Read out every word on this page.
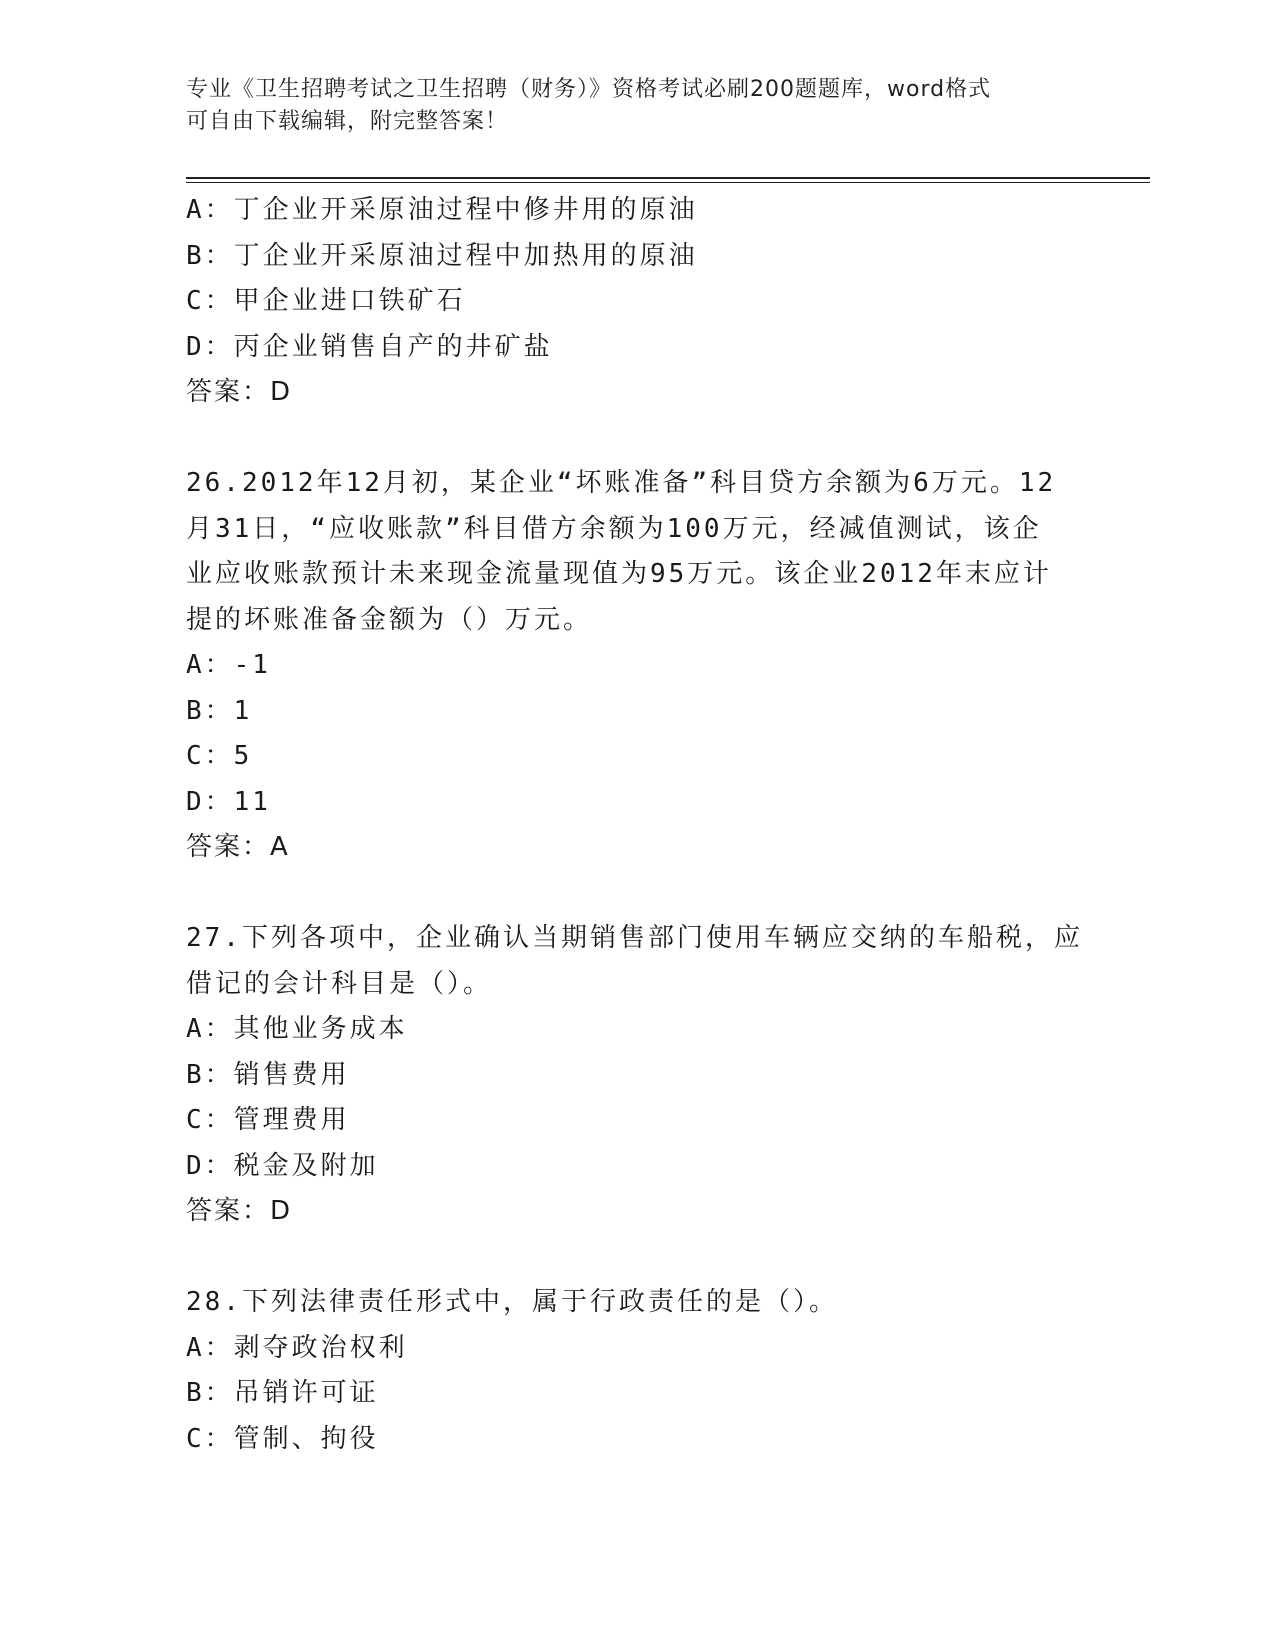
专业《卫生招聘考试之卫生招聘（财务）》资格考试必刷200题题库，word格式
可自由下载编辑，附完整答案！
A：丁企业开采原油过程中修井用的原油
B：丁企业开采原油过程中加热用的原油
C：甲企业进口铁矿石
D：丙企业销售自产的井矿盐
答案：D
26.2012年12月初，某企业“坏账准备”科目贷方余额为6万元。12
月31日，“应收账款”科目借方余额为100万元，经减值测试，该企
业应收账款预计未来现金流量现值为95万元。该企业2012年末应计
提的坏账准备金额为（）万元。
A：-1
B：1
C：5
D：11
答案：A
27.下列各项中，企业确认当期销售部门使用车辆应交纳的车船税，应
借记的会计科目是（）。
A：其他业务成本
B：销售费用
C：管理费用
D：税金及附加
答案：D
28.下列法律责任形式中，属于行政责任的是（）。
A：剥夺政治权利
B：吊销许可证
C：管制、拘役
